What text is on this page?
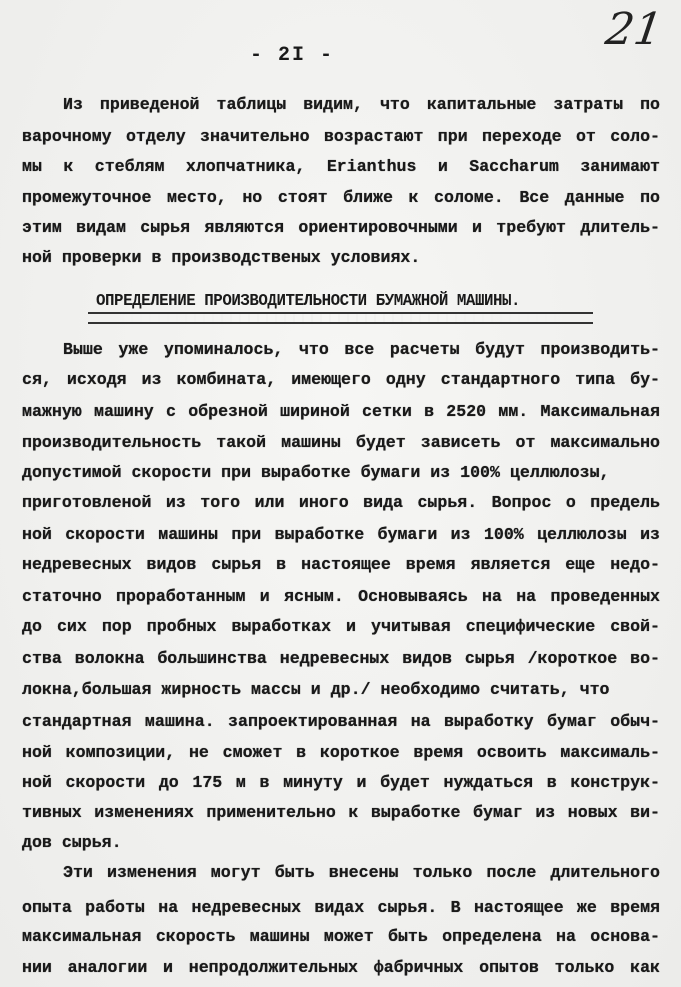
- 2I -
21
Из приведеной таблицы видим, что капитальные затраты по
варочному отделу значительно возрастают при переходе от соло-
мы к стеблям хлопчатника, Erianthus и Saccharum занимают
промежуточное место, но стоят ближе к соломе. Все данные по
этим видам сырья являются ориентировочными и требуют длитель-
ной проверки в производственых условиях.
ОПРЕДЕЛЕНИЕ ПРОИЗВОДИТЕЛЬНОСТИ БУМАЖНОЙ МАШИНЫ.
Выше уже упоминалось, что все расчеты будут производить-
ся, исходя из комбината, имеющего одну стандартного типа бу-
мажную машину с обрезной шириной сетки в 2520 мм. Максимальная
производительность такой машины будет зависеть от максимально
допустимой скорости при выработке бумаги из 100% целлюлозы,
приготовленой из того или иного вида сырья. Вопрос о предель
ной скорости машины при выработке бумаги из 100% целлюлозы из
недревесных видов сырья в настоящее время является еще недо-
статочно проработанным и ясным. Основываясь на на проведенных
до сих пор пробных выработках и учитывая специфические свой-
ства волокна большинства недревесных видов сырья /короткое во-
локна,большая жирность массы и др./ необходимо считать, что
стандартная машина. запроектированная на выработку бумаг обыч-
ной композиции, не сможет в короткое время освоить максималь-
ной скорости до 175 м в минуту и будет нуждаться в конструк-
тивных изменениях применительно к выработке бумаг из новых ви-
дов сырья.
Эти изменения могут быть внесены только после длительного
опыта работы на недревесных видах сырья. В настоящее же время
максимальная скорость машины может быть определена на основа-
нии аналогии и непродолжительных фабричных опытов только как
